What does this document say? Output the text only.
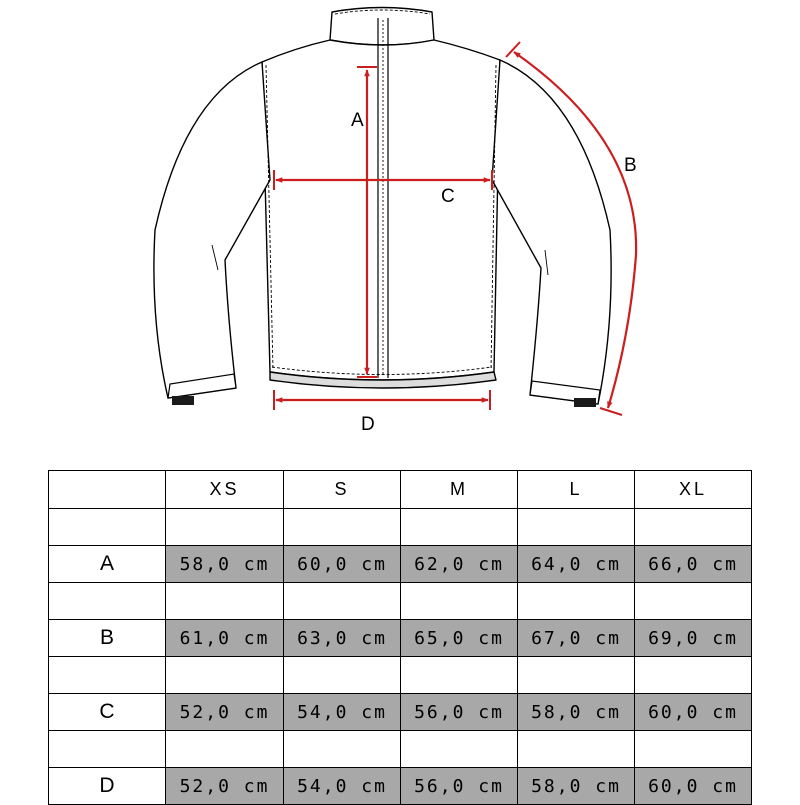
A
B
C
D
	XS	S	M	L	XL

A	58,0 cm	60,0 cm	62,0 cm	64,0 cm	66,0 cm

B	61,0 cm	63,0 cm	65,0 cm	67,0 cm	69,0 cm

C	52,0 cm	54,0 cm	56,0 cm	58,0 cm	60,0 cm

D	52,0 cm	54,0 cm	56,0 cm	58,0 cm	60,0 cm
